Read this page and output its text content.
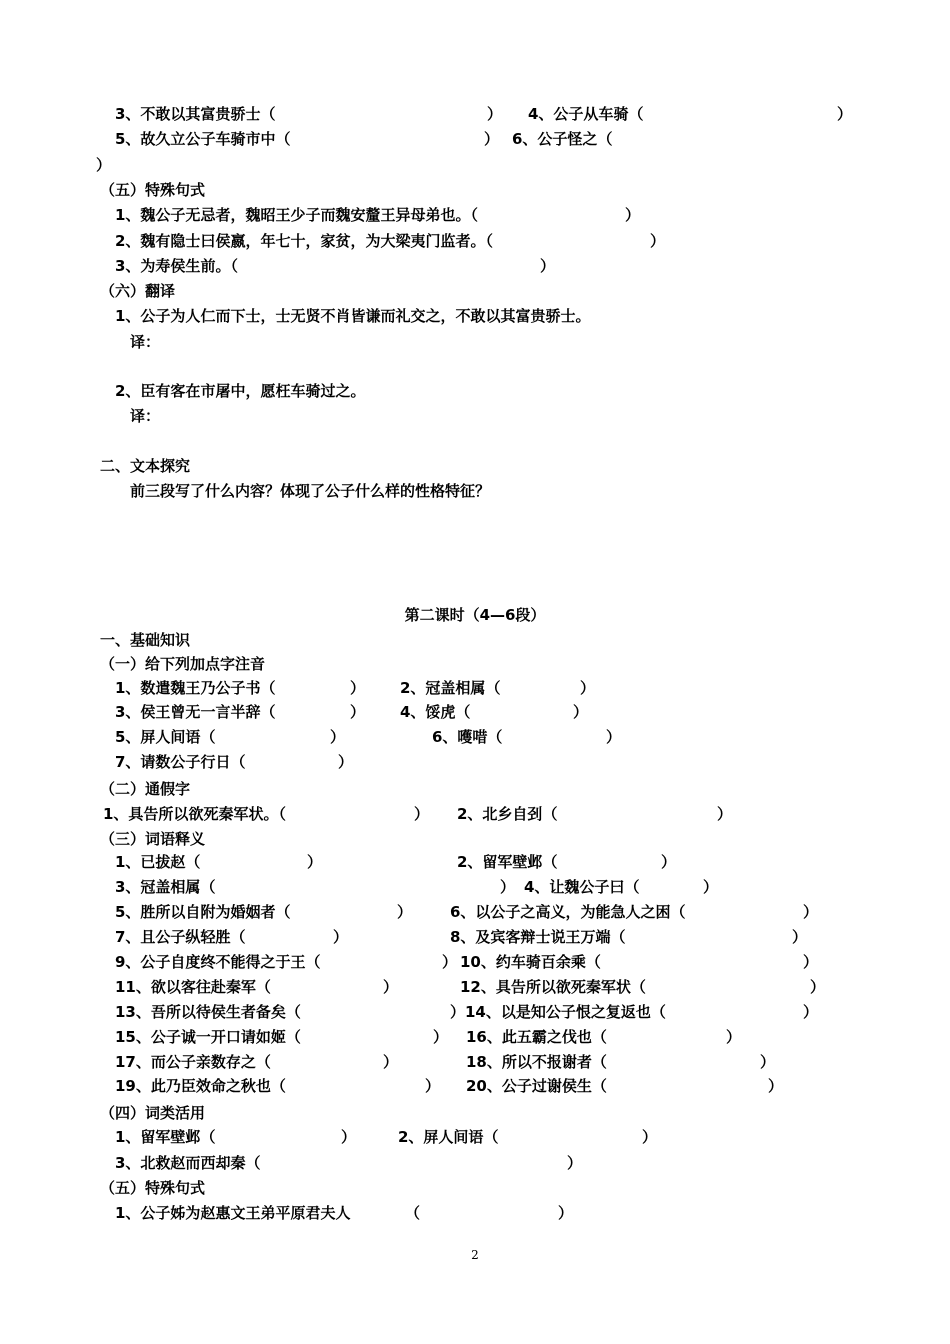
3、不敢以其富贵骄士（	） 4、公子从车骑（	）
5、故久立公子车骑市中（	） 6、公子怪之（
）
（五）特殊句式
1、魏公子无忌者，魏昭王少子而魏安釐王异母弟也。（	）
2、魏有隐士曰侯嬴，年七十，家贫，为大梁夷门监者。（	）
3、为寿侯生前。（	）
（六）翻译
1、公子为人仁而下士，士无贤不肖皆谦而礼交之，不敢以其富贵骄士。
译：
2、臣有客在市屠中，愿枉车骑过之。
译：
二、文本探究
前三段写了什么内容？体现了公子什么样的性格特征？
（一）给下列加点字注音
1、数遣魏王乃公子书（	） 2、冠盖相属（	）
3、侯王曾无一言半辞（	） 4、馁虎（	）
5、屏人间语（	）	6、嚄唶（	）
7、请数公子行日（	）
（二）通假字
1、具告所以欲死秦军状。（	） 2、北乡自刭（	）
（三）词语释义
1、已拔赵（	）	2、留军壁邺（	）
3、冠盖相属（	） 4、让魏公子曰（	）
5、胜所以自附为婚姻者（	）	6、以公子之高义，为能急人之困（	）
7、且公子纵轻胜（	）	8、及宾客辩士说王万端（	）
9、公子自度终不能得之于王（	） 10、约车骑百余乘（	）
11、欲以客往赴秦军（	）	12、具告所以欲死秦军状（	）
13、吾所以待侯生者备矣（	）14、以是知公子恨之复返也（	）
15、公子诚一开口请如姬（	） 16、此五霸之伐也（	）
17、而公子亲数存之（	）	18、所以不报谢者（	）
19、此乃臣效命之秋也（	） 20、公子过谢侯生（	）
（四）词类活用
1、留军壁邺（	）	2、屏人间语（	）
3、北救赵而西却秦（	）
（五）特殊句式
1、公子姊为赵惠文王弟平原君夫人	（	）
第二课时（4—6段）
一、基础知识
2
